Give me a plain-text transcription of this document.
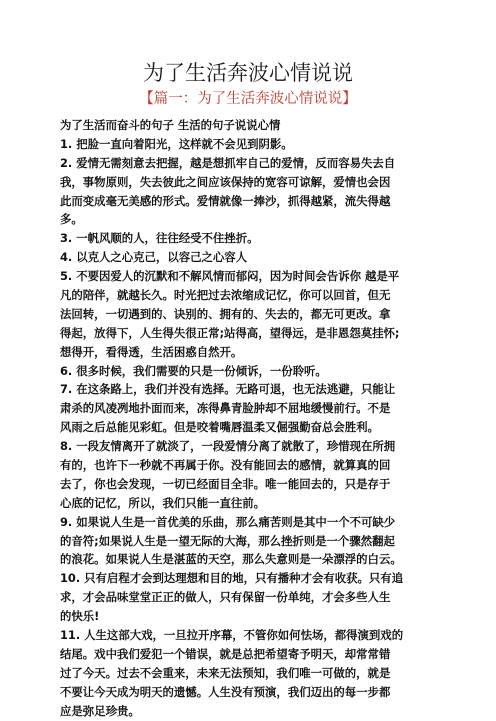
为了生活奔波心情说说
【篇一：为了生活奔波心情说说】
为了生活而奋斗的句子 生活的句子说说心情
1. 把脸一直向着阳光，这样就不会见到阴影。
2. 爱情无需刻意去把握，越是想抓牢自己的爱情，反而容易失去自
我，事物原则，失去彼此之间应该保持的宽容可谅解，爱情也会因
此而变成毫无美感的形式。爱情就像一捧沙，抓得越紧，流失得越
多。
3. 一帆风顺的人，往往经受不住挫折。
4. 以克人之心克己，以容己之心容人
5. 不要因爱人的沉默和不解风情而郁闷，因为时间会告诉你 越是平
凡的陪伴，就越长久。时光把过去浓缩成记忆，你可以回首，但无
法回转，一切遇到的、诀别的、拥有的、失去的，都无可更改。拿
得起，放得下，人生得失很正常;站得高，望得远，是非恩怨莫挂怀;
想得开，看得透，生活困惑自然开。
6. 很多时候，我们需要的只是一份倾诉，一份聆听。
7. 在这条路上，我们并没有选择。无路可退，也无法逃避，只能让
肃杀的风凌冽地扑面而来，冻得鼻青脸肿却不屈地缓慢前行。不是
风雨之后总能见彩虹。但是咬着嘴唇温柔又倔强勤奋总会胜利。
8. 一段友情离开了就淡了，一段爱情分离了就散了，珍惜现在所拥
有的，也许下一秒就不再属于你。没有能回去的感情，就算真的回
去了，你也会发现，一切已经面目全非。唯一能回去的，只是存于
心底的记忆，所以，我们只能一直往前。
9. 如果说人生是一首优美的乐曲，那么痛苦则是其中一个不可缺少
的音符;如果说人生是一望无际的大海，那么挫折则是一个骤然翻起
的浪花。如果说人生是湛蓝的天空，那么失意则是一朵漂浮的白云。
10. 只有启程才会到达理想和目的地，只有播种才会有收获。只有追
求，才会品味堂堂正正的做人，只有保留一份单纯，才会多些人生
的快乐!
11. 人生这部大戏，一旦拉开序幕，不管你如何怯场，都得演到戏的
结尾。戏中我们爱犯一个错误，就是总把希望寄予明天，却常常错
过了今天。过去不会重来，未来无法预知，我们唯一可做的，就是
不要让今天成为明天的遗憾。人生没有预演，我们迈出的每一步都
应是弥足珍贵。
